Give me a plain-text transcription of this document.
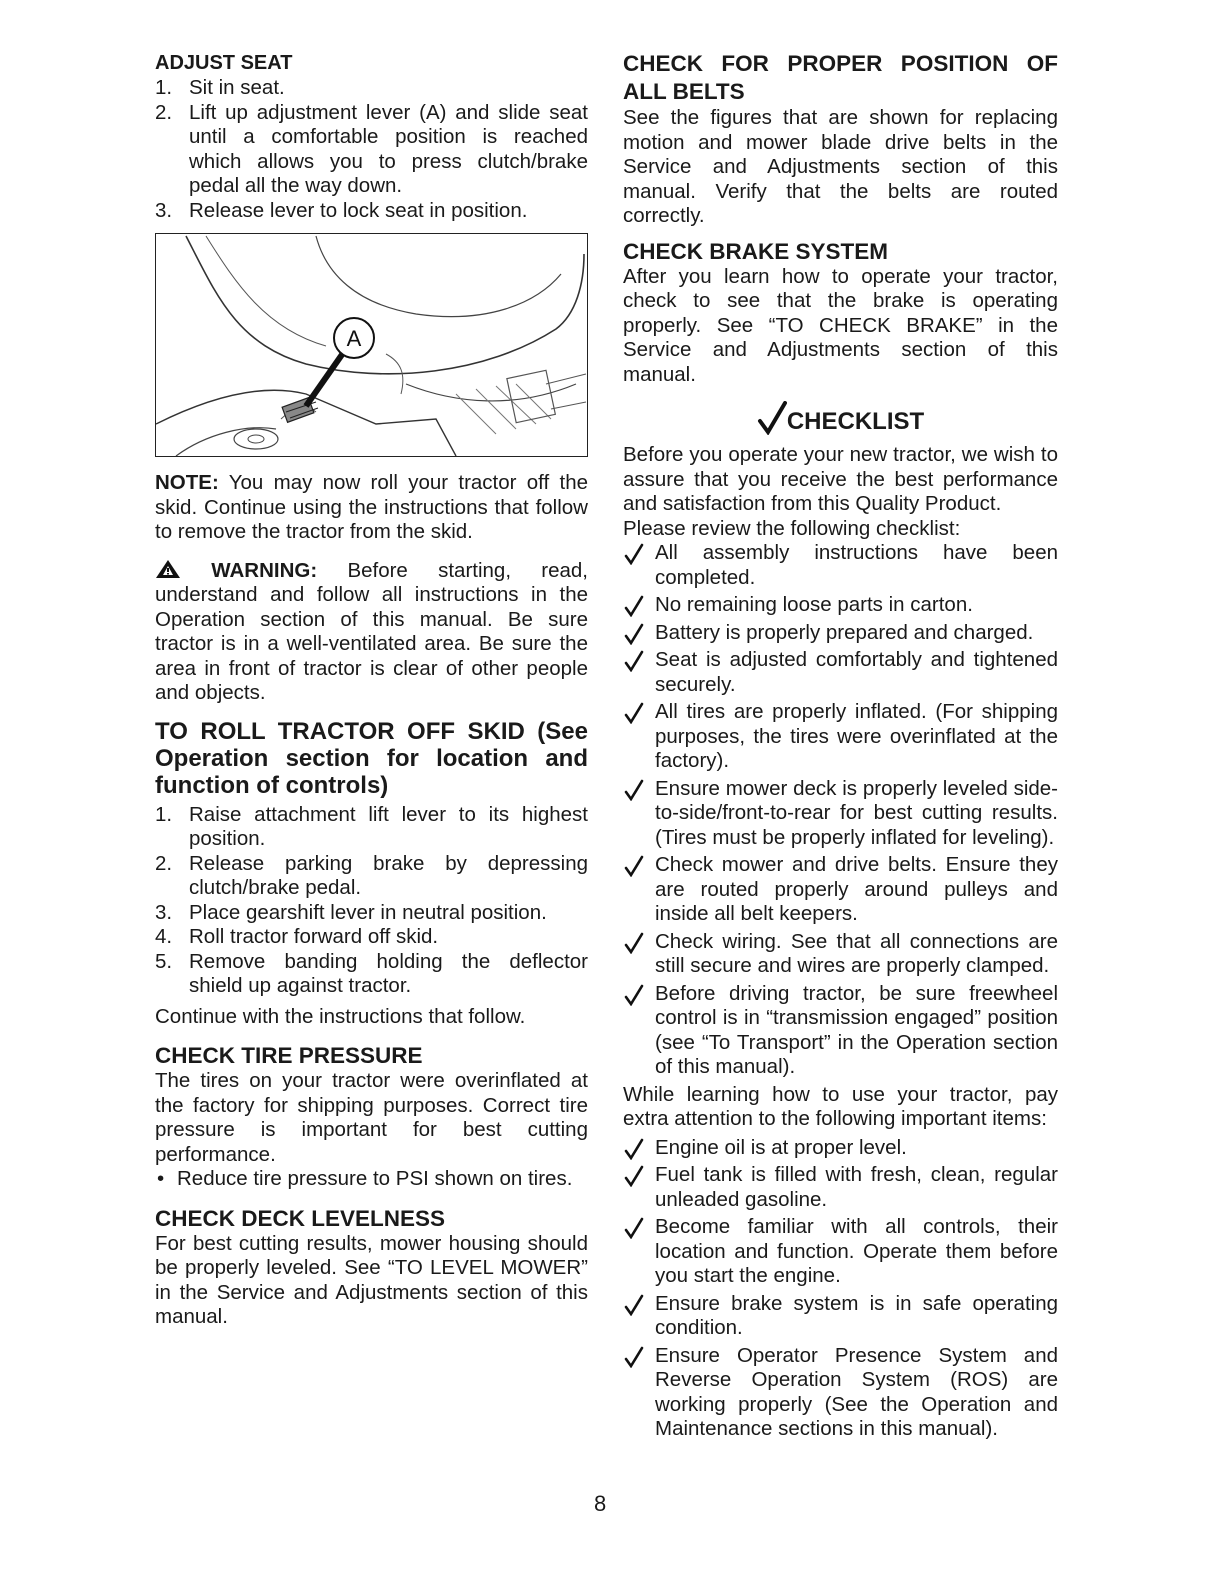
ADJUST SEAT
1. Sit in seat.
2. Lift up adjustment lever (A) and slide seat until a comfortable position is reached which allows you to press clutch/brake pedal all the way down.
3. Release lever to lock seat in position.
A

NOTE: You may now roll your tractor off the skid. Continue using the instructions that follow to remove the tractor from the skid.

WARNING: Before starting, read, understand and follow all instructions in the Operation section of this manual. Be sure tractor is in a well-ventilated area. Be sure the area in front of tractor is clear of other people and objects.

TO ROLL TRACTOR OFF SKID (See Operation section for location and function of controls)
1. Raise attachment lift lever to its highest position.
2. Release parking brake by depressing clutch/brake pedal.
3. Place gearshift lever in neutral position.
4. Roll tractor forward off skid.
5. Remove banding holding the deflector shield up against tractor.

Continue with the instructions that follow.

CHECK TIRE PRESSURE

The tires on your tractor were overinflated at the factory for shipping purposes. Correct tire pressure is important for best cutting performance.

• Reduce tire pressure to PSI shown on tires.
CHECK DECK LEVELNESS

For best cutting results, mower housing should be properly leveled. See “TO LEVEL MOWER” in the Service and Adjustments section of this manual.

CHECK FOR PROPER POSITION OF ALL BELTS

See the figures that are shown for replacing motion and mower blade drive belts in the Service and Adjustments section of this manual. Verify that the belts are routed correctly.

CHECK BRAKE SYSTEM

After you learn how to operate your tractor, check to see that the brake is operating properly. See “TO CHECK BRAKE” in the Service and Adjustments section of this manual.

CHECKLIST

Before you operate your new tractor, we wish to assure that you receive the best performance and satisfaction from this Quality Product.

Please review the following checklist:

All assembly instructions have been completed.
No remaining loose parts in carton.
Battery is properly prepared and charged.
Seat is adjusted comfortably and tightened securely.
All tires are properly inflated. (For shipping purposes, the tires were overinflated at the factory).
Ensure mower deck is properly leveled side-to-side/front-to-rear for best cutting results. (Tires must be properly inflated for leveling).
Check mower and drive belts. Ensure they are routed properly around pulleys and inside all belt keepers.
Check wiring. See that all connections are still secure and wires are properly clamped.
Before driving tractor, be sure freewheel control is in “transmission engaged” position (see “To Transport” in the Operation section of this manual).

While learning how to use your tractor, pay extra attention to the following important items:

Engine oil is at proper level.
Fuel tank is filled with fresh, clean, regular unleaded gasoline.
Become familiar with all controls, their location and function. Operate them before you start the engine.
Ensure brake system is in safe operating condition.
Ensure Operator Presence System and Reverse Operation System (ROS) are working properly (See the Operation and Maintenance sections in this manual).
8
